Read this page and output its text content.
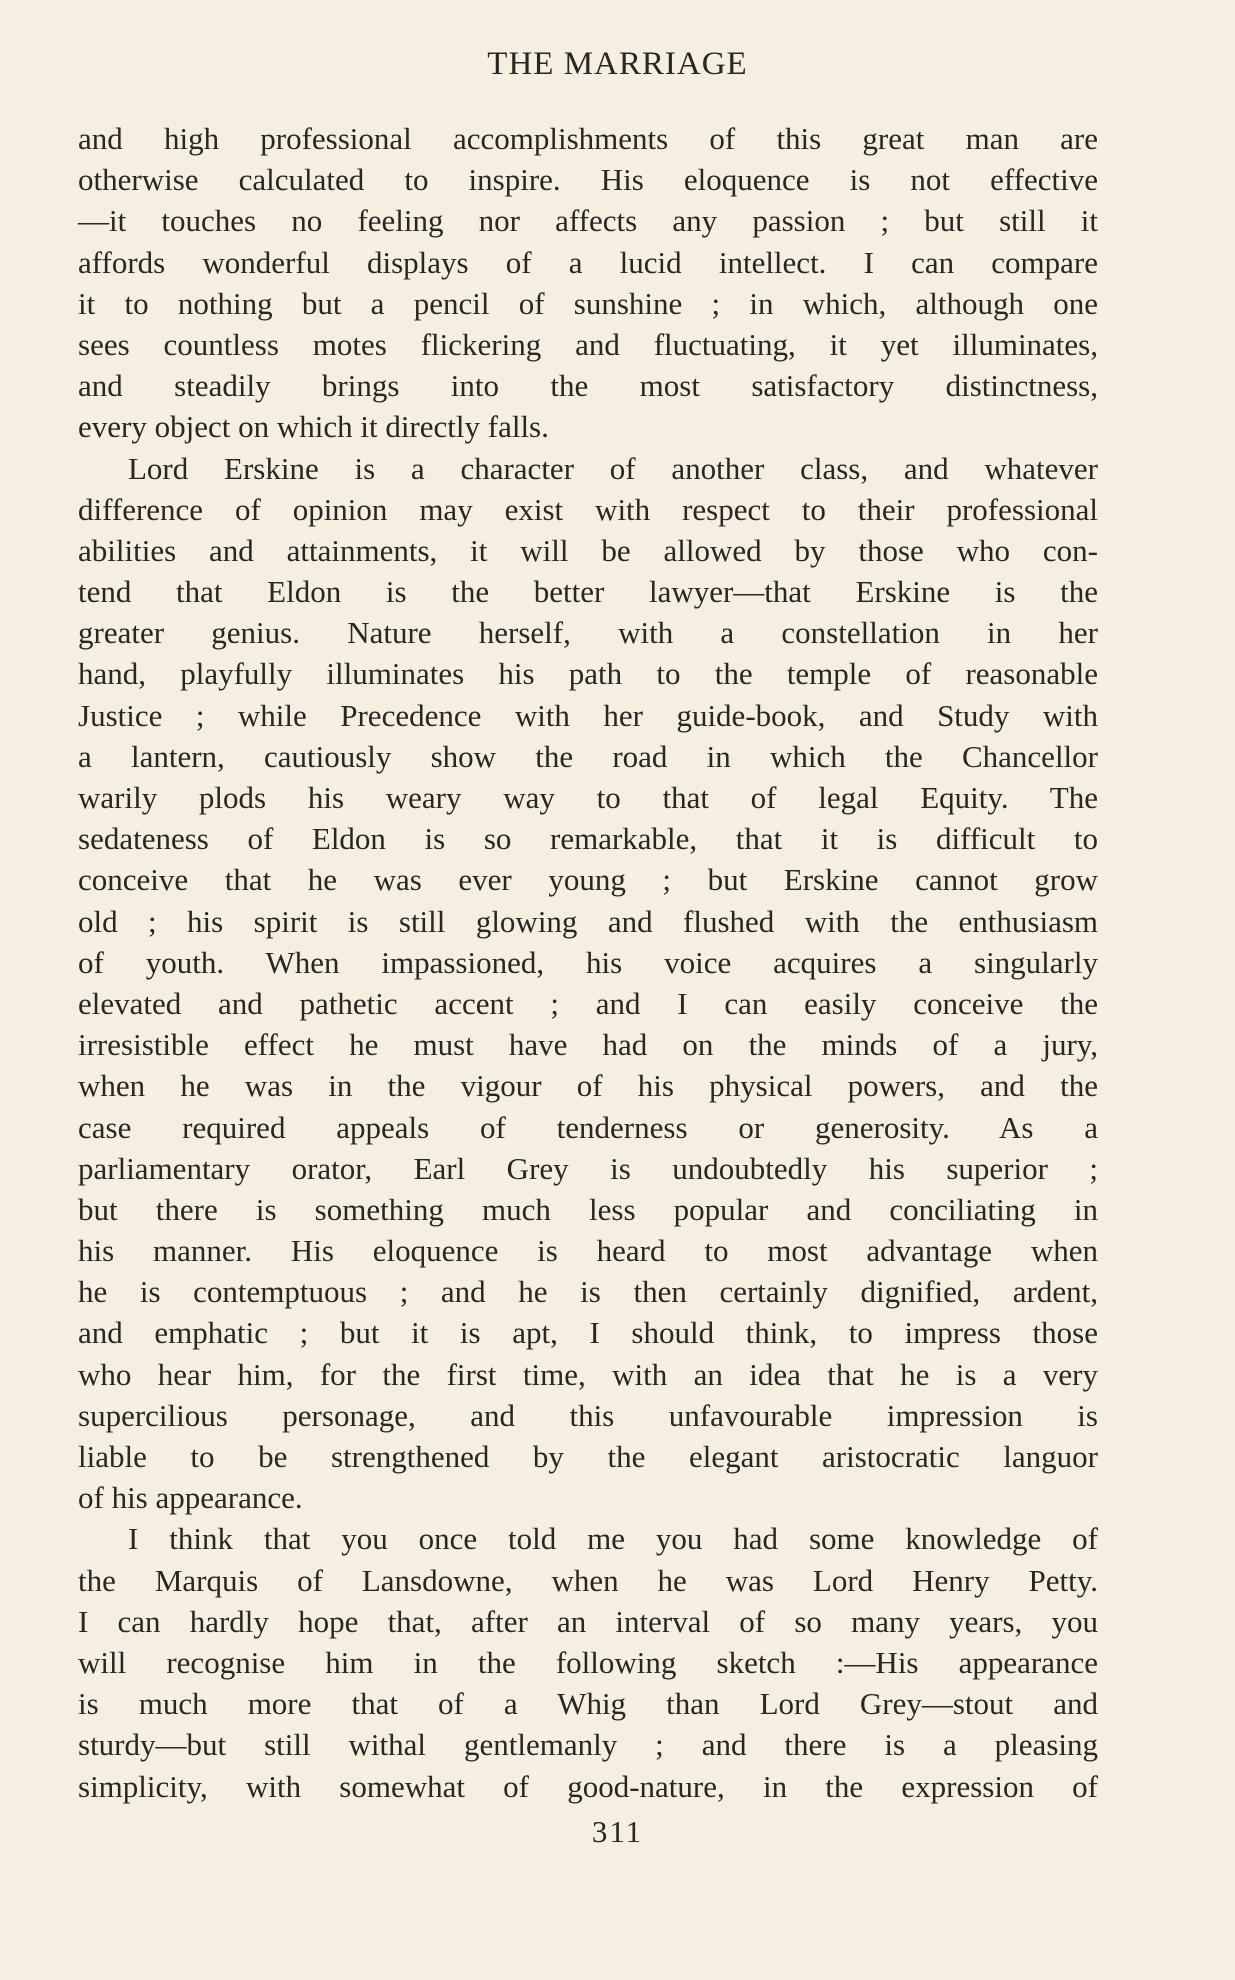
THE MARRIAGE
and high professional accomplishments of this great man are
otherwise calculated to inspire. His eloquence is not effective
—it touches no feeling nor affects any passion ; but still it
affords wonderful displays of a lucid intellect. I can compare
it to nothing but a pencil of sunshine ; in which, although one
sees countless motes flickering and fluctuating, it yet illuminates,
and steadily brings into the most satisfactory distinctness,
every object on which it directly falls.
Lord Erskine is a character of another class, and whatever
difference of opinion may exist with respect to their professional
abilities and attainments, it will be allowed by those who con-
tend that Eldon is the better lawyer—that Erskine is the
greater genius. Nature herself, with a constellation in her
hand, playfully illuminates his path to the temple of reasonable
Justice ; while Precedence with her guide-book, and Study with
a lantern, cautiously show the road in which the Chancellor
warily plods his weary way to that of legal Equity. The
sedateness of Eldon is so remarkable, that it is difficult to
conceive that he was ever young ; but Erskine cannot grow
old ; his spirit is still glowing and flushed with the enthusiasm
of youth. When impassioned, his voice acquires a singularly
elevated and pathetic accent ; and I can easily conceive the
irresistible effect he must have had on the minds of a jury,
when he was in the vigour of his physical powers, and the
case required appeals of tenderness or generosity. As a
parliamentary orator, Earl Grey is undoubtedly his superior ;
but there is something much less popular and conciliating in
his manner. His eloquence is heard to most advantage when
he is contemptuous ; and he is then certainly dignified, ardent,
and emphatic ; but it is apt, I should think, to impress those
who hear him, for the first time, with an idea that he is a very
supercilious personage, and this unfavourable impression is
liable to be strengthened by the elegant aristocratic languor
of his appearance.
I think that you once told me you had some knowledge of
the Marquis of Lansdowne, when he was Lord Henry Petty.
I can hardly hope that, after an interval of so many years, you
will recognise him in the following sketch :—His appearance
is much more that of a Whig than Lord Grey—stout and
sturdy—but still withal gentlemanly ; and there is a pleasing
simplicity, with somewhat of good-nature, in the expression of
311
